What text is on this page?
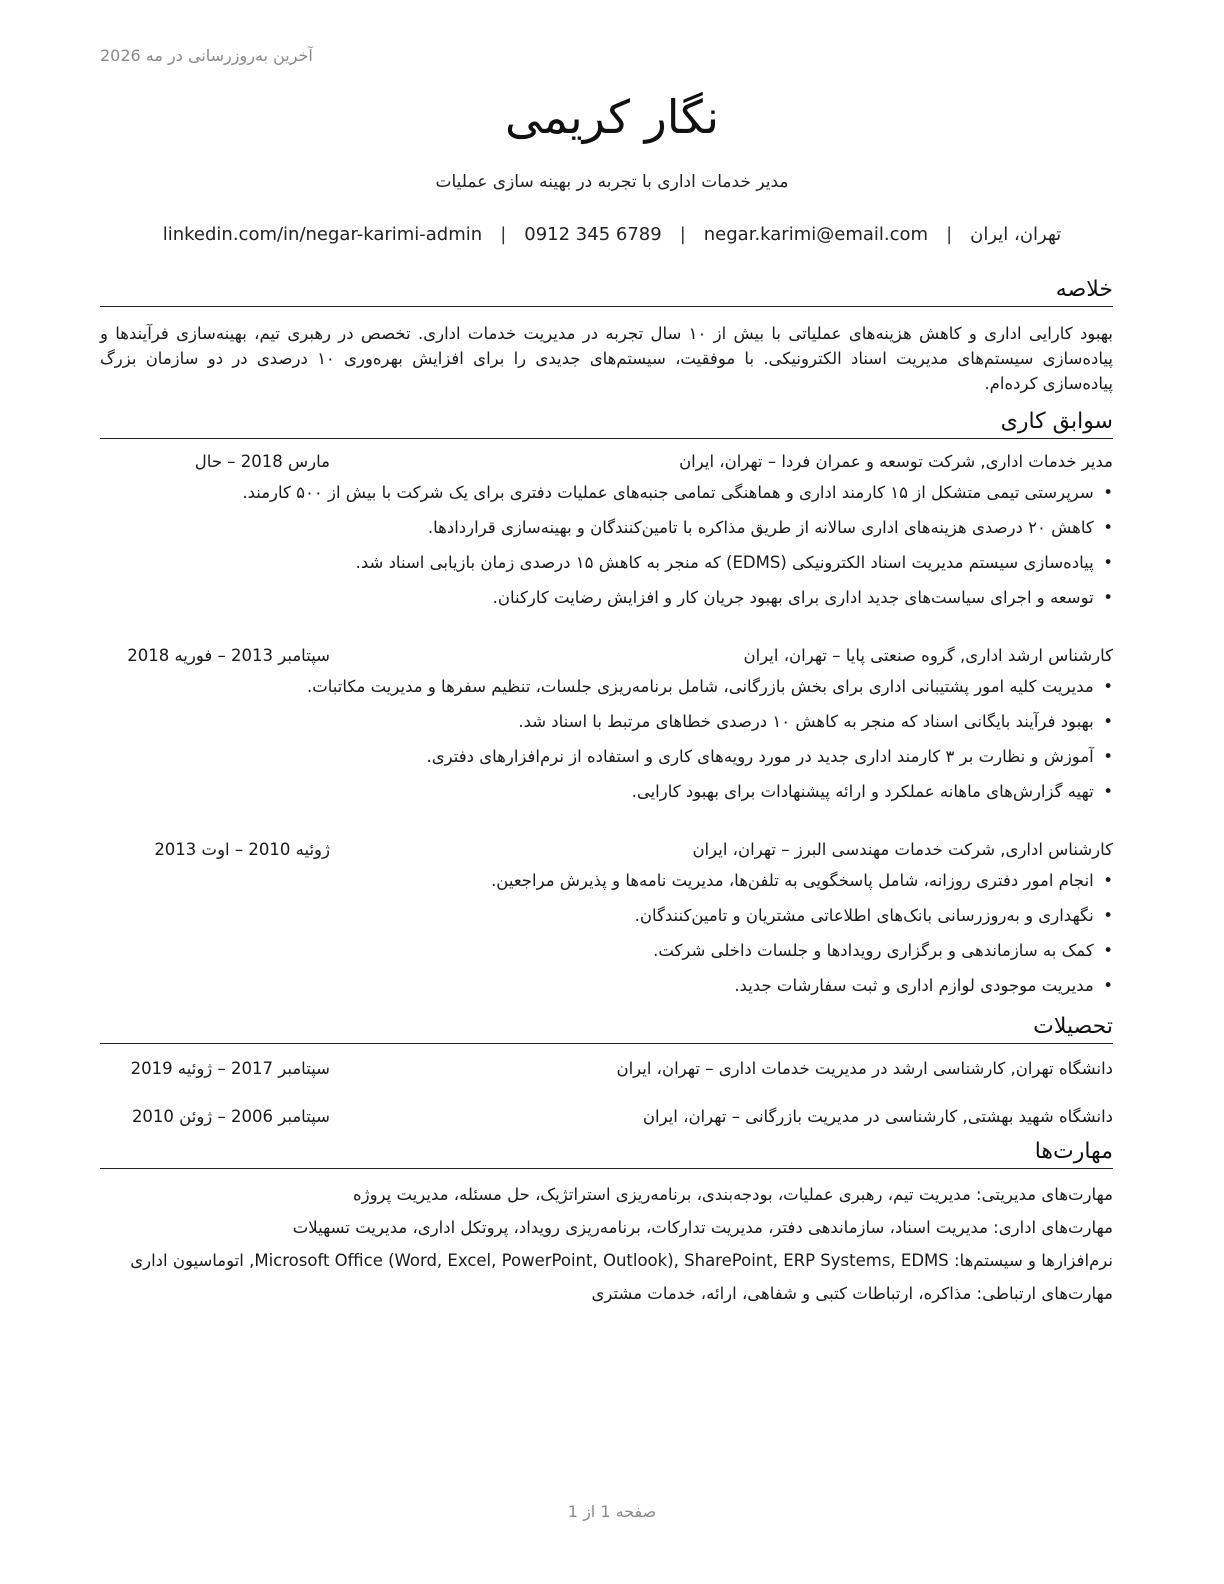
آخرین به‌روزرسانی در مه 2026
نگار کریمی
مدیر خدمات اداری با تجربه در بهینه سازی عملیات
تهران، ایران
|
negar.karimi@email.com
|
0912 345 6789
|
linkedin.com/in/negar-karimi-admin
خلاصه

بهبود کارایی اداری و کاهش هزینه‌های عملیاتی با بیش از ۱۰ سال تجربه در مدیریت خدمات اداری. تخصص در رهبری تیم، بهینه‌سازی فرآیندها و پیاده‌سازی سیستم‌های مدیریت اسناد الکترونیکی. با موفقیت، سیستم‌های جدیدی را برای افزایش بهره‌وری ۱۰ درصدی در دو سازمان بزرگ پیاده‌سازی کرده‌ام.

سوابق کاری
مدیر خدمات اداری, شرکت توسعه و عمران فردا – تهران، ایران
مارس 2018 – حال
• سرپرستی تیمی متشکل از ۱۵ کارمند اداری و هماهنگی تمامی جنبه‌های عملیات دفتری برای یک شرکت با بیش از ۵۰۰ کارمند.
• کاهش ۲۰ درصدی هزینه‌های اداری سالانه از طریق مذاکره با تامین‌کنندگان و بهینه‌سازی قراردادها.
• پیاده‌سازی سیستم مدیریت اسناد الکترونیکی (EDMS) که منجر به کاهش ۱۵ درصدی زمان بازیابی اسناد شد.
• توسعه و اجرای سیاست‌های جدید اداری برای بهبود جریان کار و افزایش رضایت کارکنان.
کارشناس ارشد اداری, گروه صنعتی پایا – تهران، ایران
سپتامبر 2013 – فوریه 2018
• مدیریت کلیه امور پشتیبانی اداری برای بخش بازرگانی، شامل برنامه‌ریزی جلسات، تنظیم سفرها و مدیریت مکاتبات.
• بهبود فرآیند بایگانی اسناد که منجر به کاهش ۱۰ درصدی خطاهای مرتبط با اسناد شد.
• آموزش و نظارت بر ۳ کارمند اداری جدید در مورد رویه‌های کاری و استفاده از نرم‌افزارهای دفتری.
• تهیه گزارش‌های ماهانه عملکرد و ارائه پیشنهادات برای بهبود کارایی.
کارشناس اداری, شرکت خدمات مهندسی البرز – تهران، ایران
ژوئیه 2010 – اوت 2013
• انجام امور دفتری روزانه، شامل پاسخگویی به تلفن‌ها، مدیریت نامه‌ها و پذیرش مراجعین.
• نگهداری و به‌روزرسانی بانک‌های اطلاعاتی مشتریان و تامین‌کنندگان.
• کمک به سازماندهی و برگزاری رویدادها و جلسات داخلی شرکت.
• مدیریت موجودی لوازم اداری و ثبت سفارشات جدید.
تحصیلات
دانشگاه تهران, کارشناسی ارشد در مدیریت خدمات اداری – تهران، ایران
سپتامبر 2017 – ژوئیه 2019
دانشگاه شهید بهشتی, کارشناسی در مدیریت بازرگانی – تهران، ایران
سپتامبر 2006 – ژوئن 2010
مهارت‌ها

مهارت‌های مدیریتی: مدیریت تیم، رهبری عملیات، بودجه‌بندی، برنامه‌ریزی استراتژیک، حل مسئله، مدیریت پروژه

مهارت‌های اداری: مدیریت اسناد، سازماندهی دفتر، مدیریت تدارکات، برنامه‌ریزی رویداد، پروتکل اداری، مدیریت تسهیلات

نرم‌افزارها و سیستم‌ها: Microsoft Office (Word, Excel, PowerPoint, Outlook), SharePoint, ERP Systems, EDMS, اتوماسیون اداری

مهارت‌های ارتباطی: مذاکره، ارتباطات کتبی و شفاهی، ارائه، خدمات مشتری

صفحه 1 از 1
